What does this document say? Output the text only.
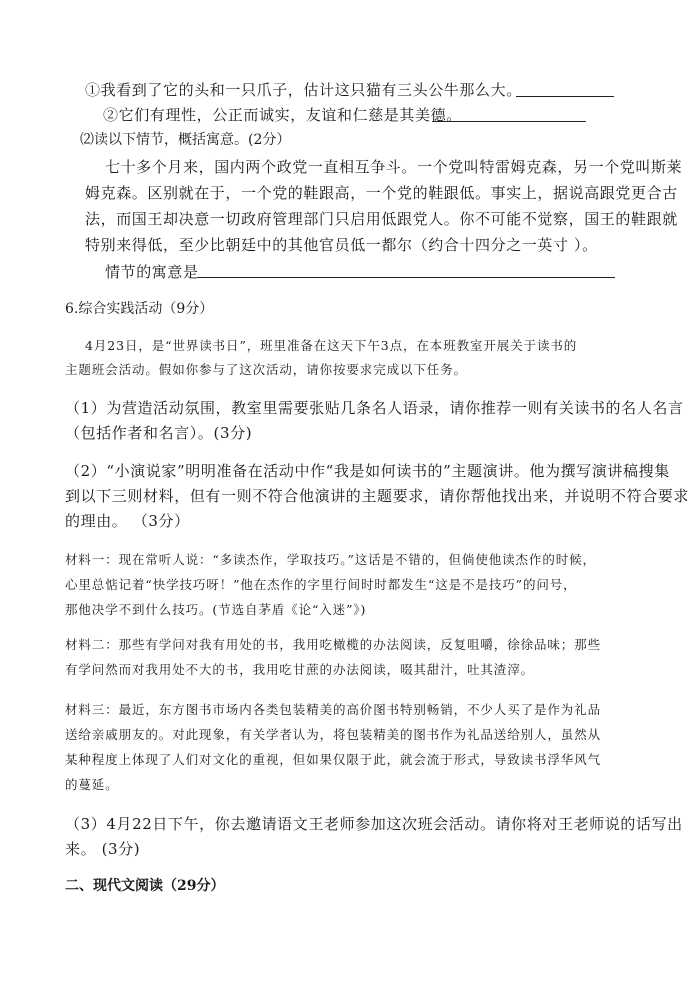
①我看到了它的头和一只爪子，估计这只猫有三头公牛那么大。
②它们有理性，公正而诚实，友谊和仁慈是其美德。
⑵读以下情节，概括寓意。(2分）
七十多个月来，国内两个政党一直相互争斗。一个党叫特雷姆克森，另一个党叫斯莱
姆克森。区别就在于，一个党的鞋跟高，一个党的鞋跟低。事实上，据说高跟党更合古
法，而国王却决意一切政府管理部门只启用低跟党人。你不可能不觉察，国王的鞋跟就
特别来得低，至少比朝廷中的其他官员低一都尔（约合十四分之一英寸 ）。
情节的寓意是
6.综合实践活动（9分）
4月23日，是“世界读书日”，班里准备在这天下午3点，在本班教室开展关于读书的
主题班会活动。假如你参与了这次活动，请你按要求完成以下任务。
（1）为营造活动氛围，教室里需要张贴几条名人语录，请你推荐一则有关读书的名人名言
（包括作者和名言）。(3分)
（2）“小演说家”明明准备在活动中作“我是如何读书的”主题演讲。他为撰写演讲稿搜集
到以下三则材料，但有一则不符合他演讲的主题要求，请你帮他找出来，并说明不符合要求
的理由。 （3分）
材料一：现在常听人说：“多读杰作，学取技巧。”这话是不错的，但倘使他读杰作的时候，
心里总惦记着“快学技巧呀！”他在杰作的字里行间时时都发生“这是不是技巧”的问号，
那他决学不到什么技巧。(节选自茅盾《论“入迷”》)
材料二：那些有学问对我有用处的书，我用吃橄榄的办法阅读，反复咀嚼，徐徐品味；那些
有学问然而对我用处不大的书，我用吃甘蔗的办法阅读，啜其甜汁，吐其渣滓。
材料三：最近，东方图书市场内各类包装精美的高价图书特别畅销，不少人买了是作为礼品
送给亲戚朋友的。对此现象，有关学者认为，将包装精美的图书作为礼品送给别人，虽然从
某种程度上体现了人们对文化的重视，但如果仅限于此，就会流于形式，导致读书浮华风气
的蔓延。
（3）4月22日下午，你去邀请语文王老师参加这次班会活动。请你将对王老师说的话写出
来。 (3分)
二、现代文阅读（29分）
